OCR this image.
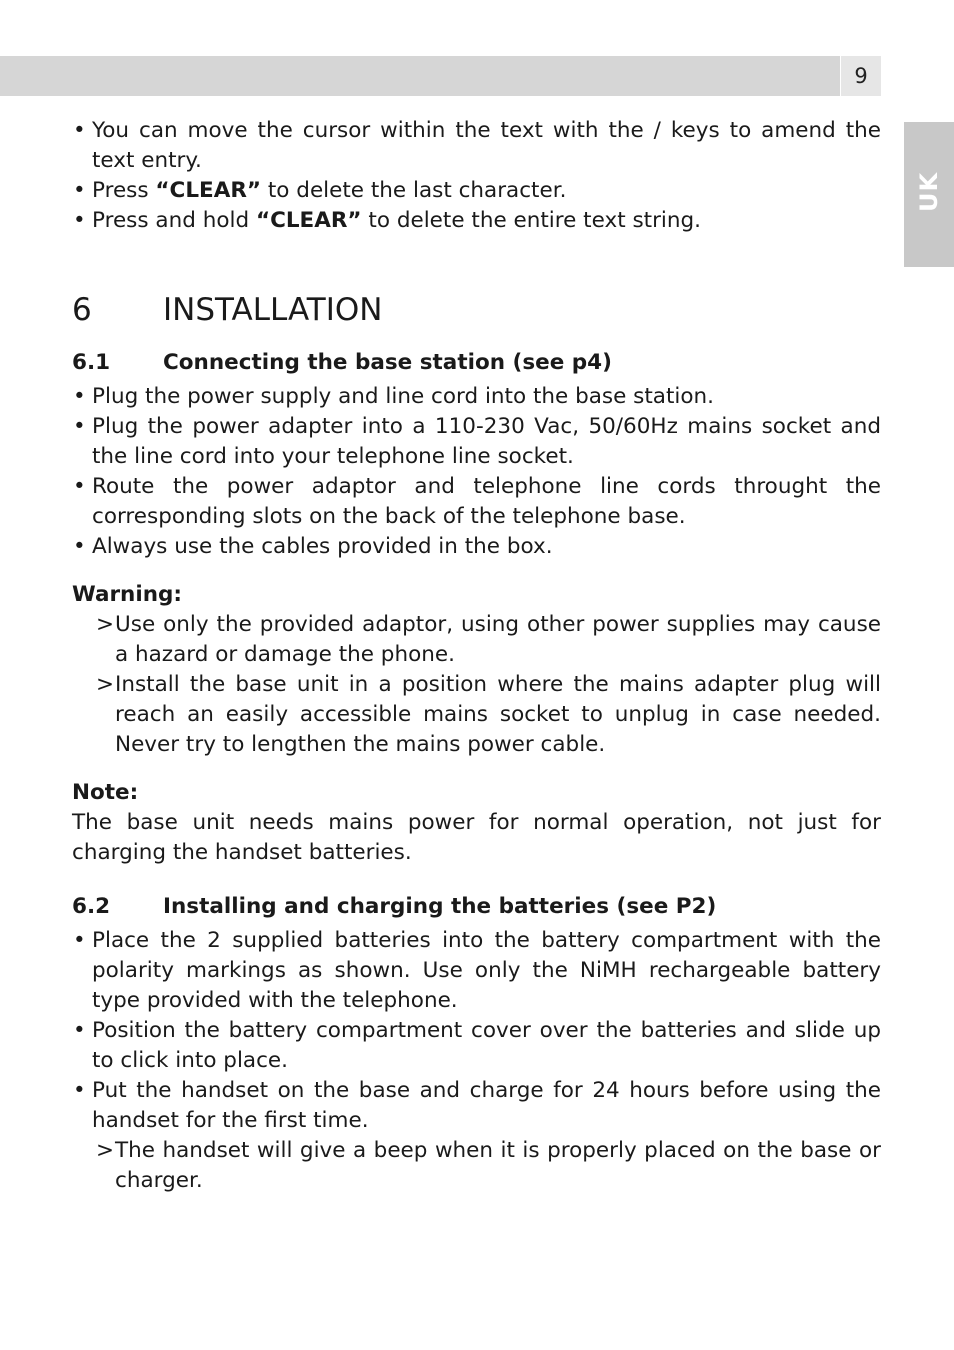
9
UK
• You can move the cursor within the text with the / keys to amend the text entry.
• Press “CLEAR” to delete the last character.
• Press and hold “CLEAR” to delete the entire text string.
6 INSTALLATION
6.1 Connecting the base station (see p4)
• Plug the power supply and line cord into the base station.
• Plug the power adapter into a 110-230 Vac, 50/60Hz mains socket and the line cord into your telephone line socket.
• Route the power adaptor and telephone line cords throught the corresponding slots on the back of the telephone base.
• Always use the cables provided in the box.

Warning:

> Use only the provided adaptor, using other power supplies may cause a hazard or damage the phone.
> Install the base unit in a position where the mains adapter plug will reach an easily accessible mains socket to unplug in case needed. Never try to lengthen the mains power cable.

Note:

The base unit needs mains power for normal operation, not just for charging the handset batteries.

6.2 Installing and charging the batteries (see P2)
• Place the 2 supplied batteries into the battery compartment with the polarity markings as shown. Use only the NiMH rechargeable battery type provided with the telephone.
• Position the battery compartment cover over the batteries and slide up to click into place.
• Put the handset on the base and charge for 24 hours before using the handset for the first time.
> The handset will give a beep when it is properly placed on the base or charger.
